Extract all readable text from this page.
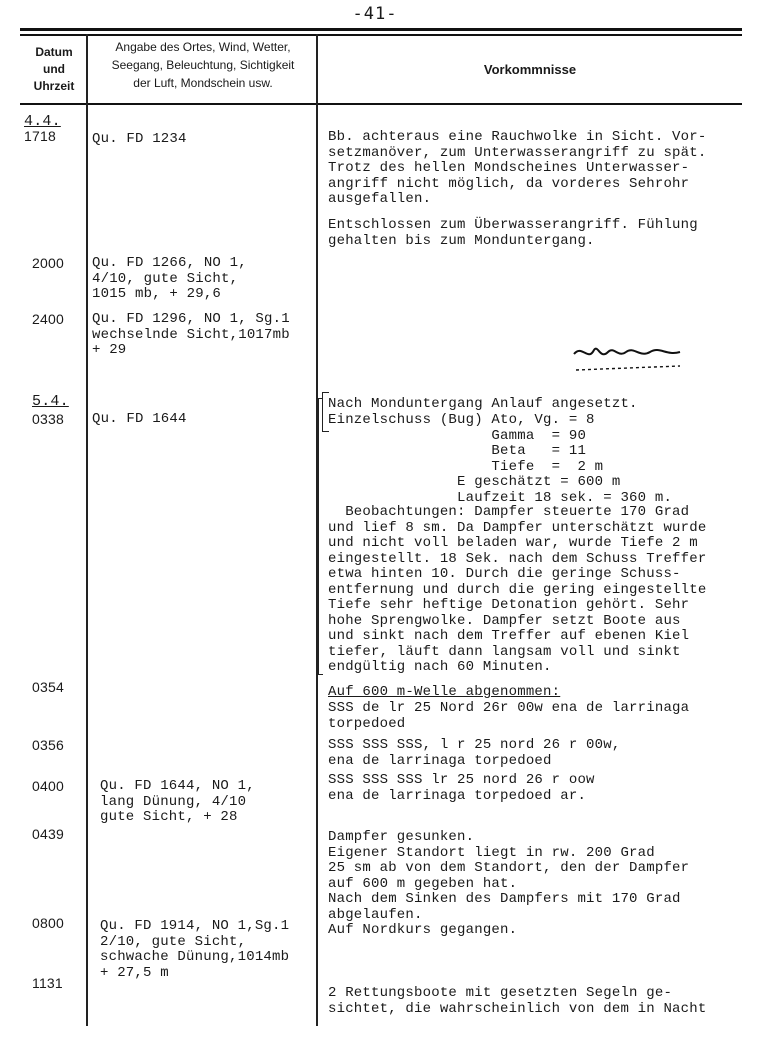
-41-
Datum
und
Uhrzeit
Angabe des Ortes, Wind, Wetter,
Seegang, Beleuchtung, Sichtigkeit
der Luft, Mondschein usw.
Vorkommnisse
4.4.
1718	Qu. FD 1234	Bb. achteraus eine Rauchwolke in Sicht. Vor-
setzmanöver, zum Unterwasserangriff zu spät.
Trotz des hellen Mondscheines Unterwasser-
angriff nicht möglich, da vorderes Sehrohr
ausgefallen.
Entschlossen zum Überwasserangriff. Fühlung
gehalten bis zum Monduntergang.
2000 Qu. FD 1266, NO 1,
4/10, gute Sicht,
1015 mb, + 29,6
2400 Qu. FD 1296, NO 1, Sg.1
wechselnde Sicht,1017mb
+ 29
5.4.
0338 Qu. FD 1644
Nach Monduntergang Anlauf angesetzt.
Einzelschuss (Bug) Ato, Vg. = 8
Gamma  = 90
Beta   = 11
Tiefe  =  2 m
E geschätzt = 600 m
Laufzeit 18 sek. = 360 m.
Beobachtungen: Dampfer steuerte 170 Grad
und lief 8 sm. Da Dampfer unterschätzt wurde
und nicht voll beladen war, wurde Tiefe 2 m
eingestellt. 18 Sek. nach dem Schuss Treffer
etwa hinten 10. Durch die geringe Schuss-
entfernung und durch die gering eingestellte
Tiefe sehr heftige Detonation gehört. Sehr
hohe Sprengwolke. Dampfer setzt Boote aus
und sinkt nach dem Treffer auf ebenen Kiel
tiefer, läuft dann langsam voll und sinkt
endgültig nach 60 Minuten.
0354	Auf 600 m-Welle abgenommen:
SSS de lr 25 Nord 26r 00w ena de larrinaga
torpedoed
0356	SSS SSS SSS, l r 25 nord 26 r 00w,
ena de larrinaga torpedoed
0400	Qu. FD 1644, NO 1,
lang Dünung, 4/10
gute Sicht, + 28
SSS SSS SSS lr 25 nord 26 r oow
ena de larrinaga torpedoed ar.
0439	Dampfer gesunken.
Eigener Standort liegt in rw. 200 Grad
25 sm ab von dem Standort, den der Dampfer
auf 600 m gegeben hat.
Nach dem Sinken des Dampfers mit 170 Grad
abgelaufen.
0800	Qu. FD 1914, NO 1,Sg.1
2/10, gute Sicht,
schwache Dünung,1014mb
+ 27,5 m
Auf Nordkurs gegangen.
1131
2 Rettungsboote mit gesetzten Segeln ge-
sichtet, die wahrscheinlich von dem in Nacht
